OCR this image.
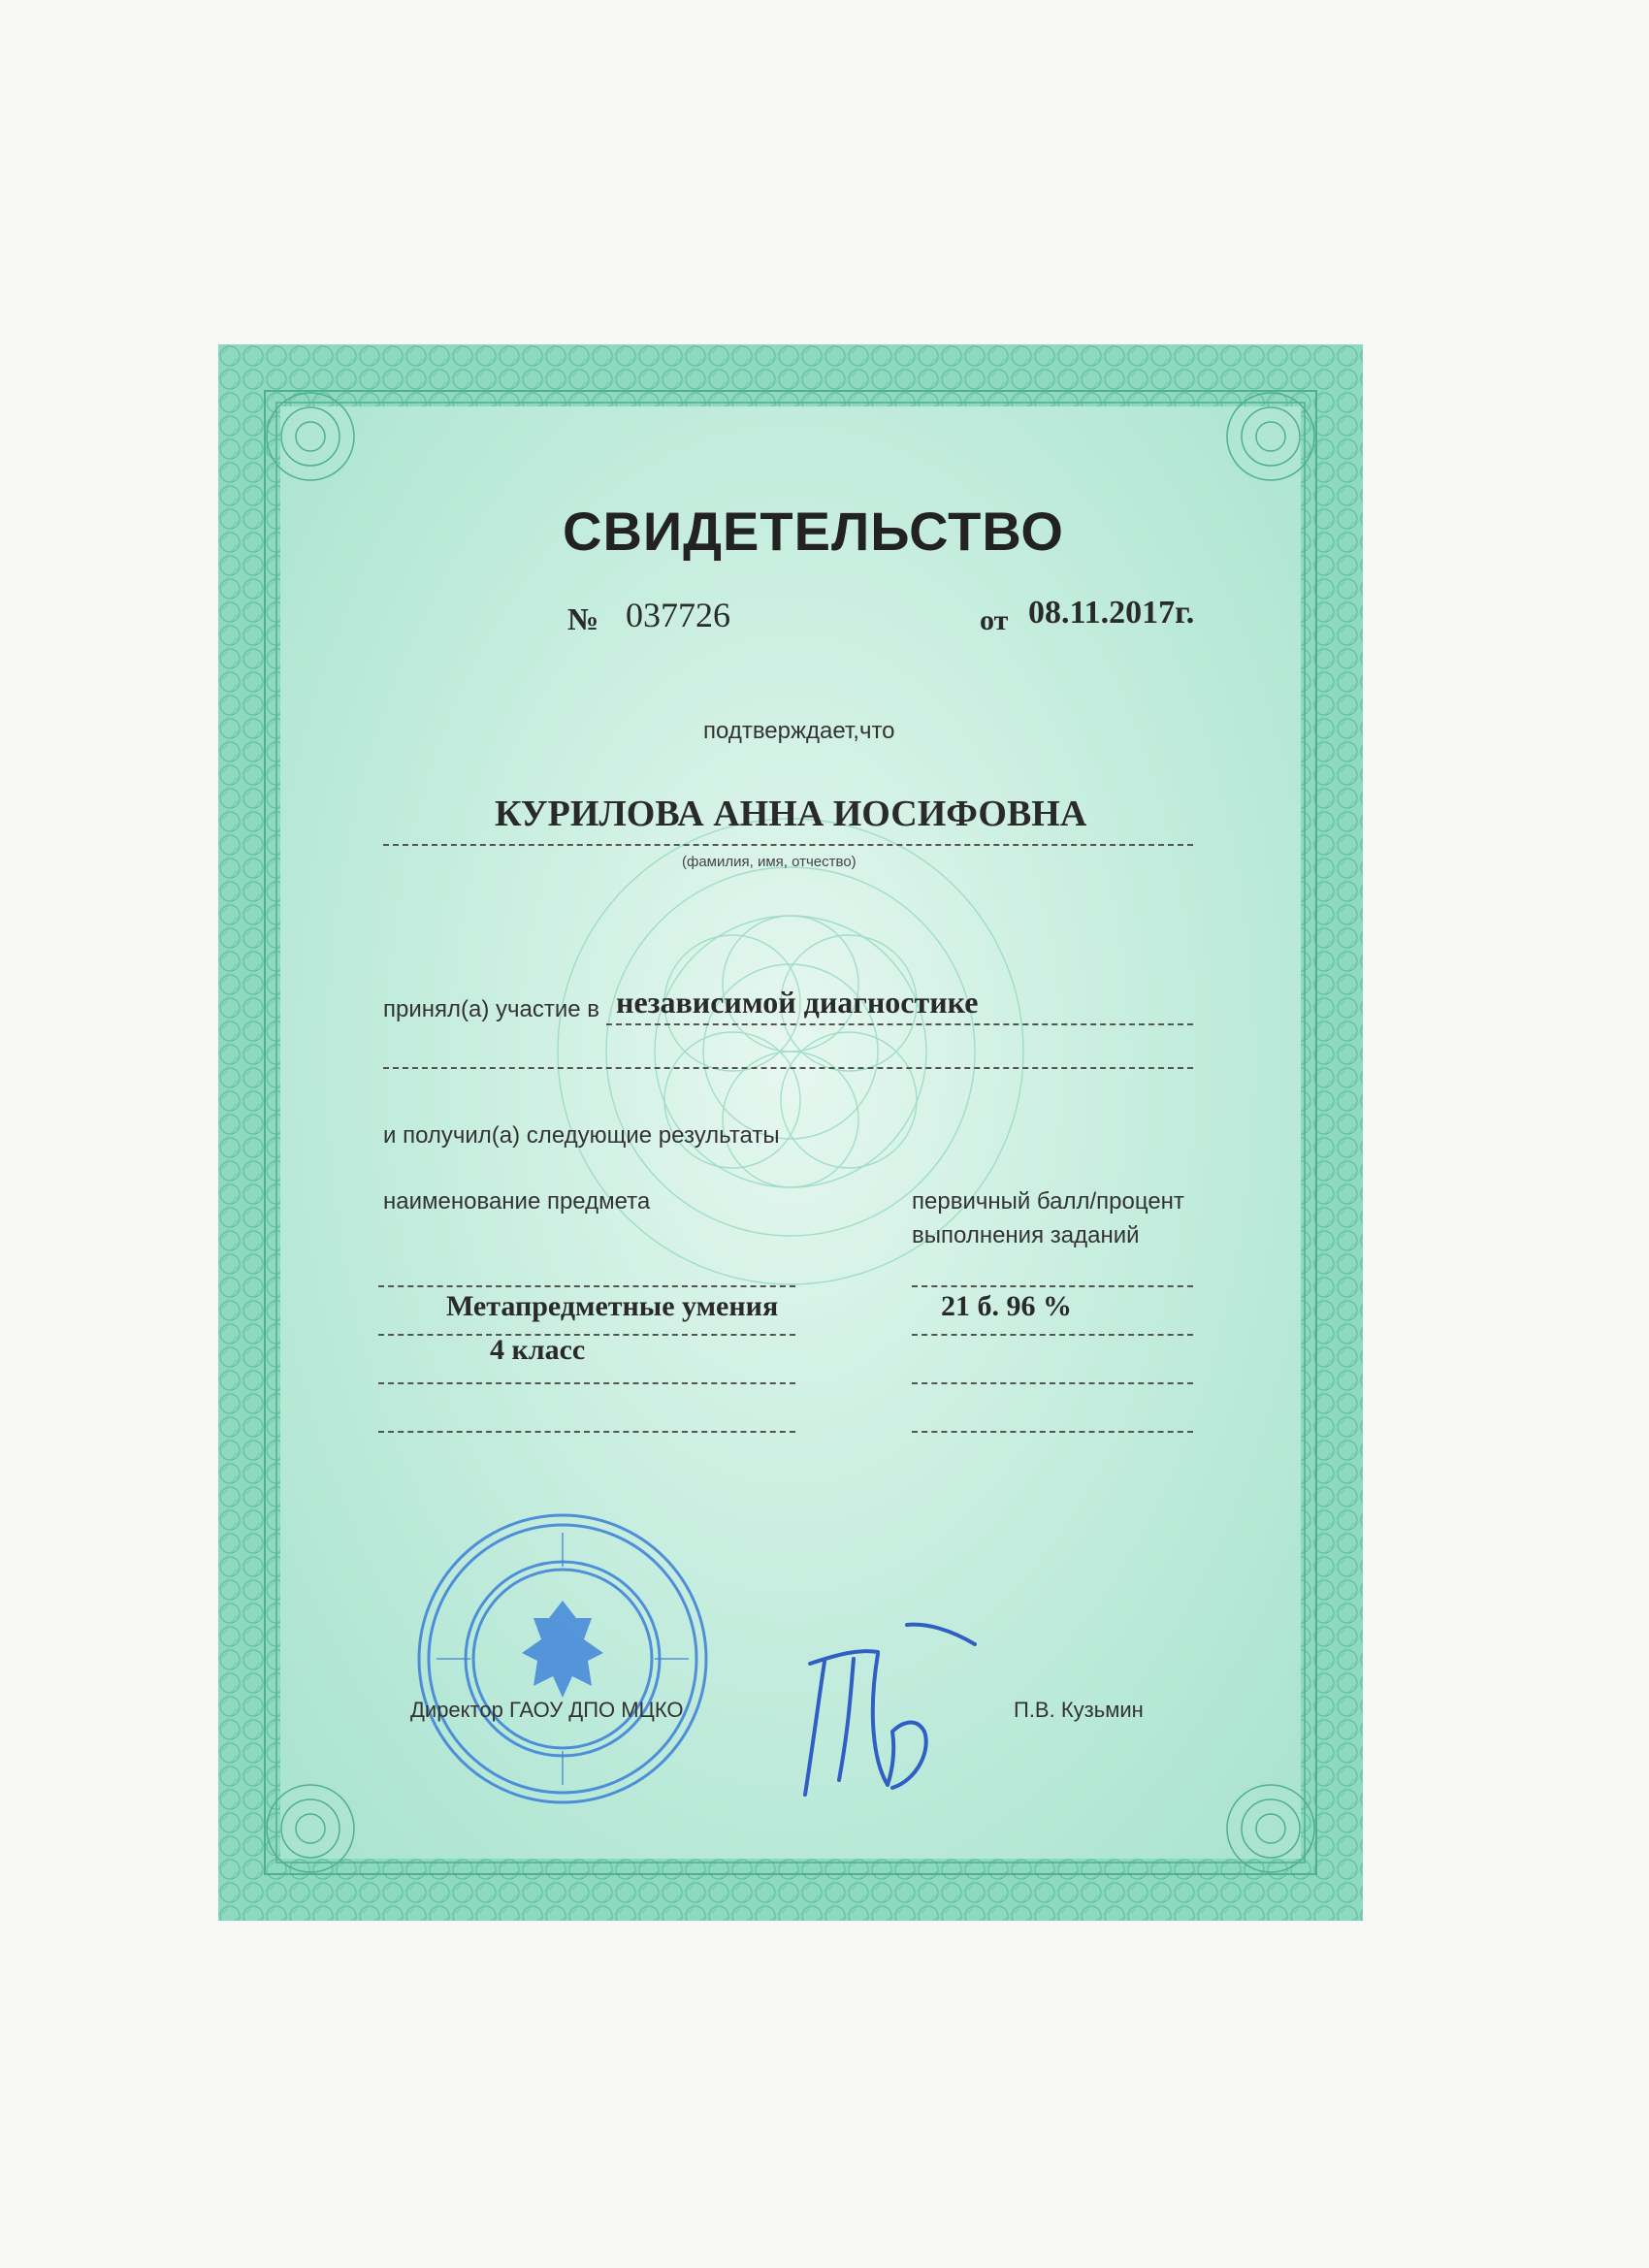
СВИДЕТЕЛЬСТВО
№ 037726	от 08.11.2017г.
подтверждает,что
КУРИЛОВА АННА ИОСИФОВНА
(фамилия, имя, отчество)
принял(а) участие в независимой диагностике
и получил(а) следующие результаты
наименование предмета	первичный балл/процент
выполнения заданий
Метапредметные умения	21 б. 96 %
4 класс
Директор ГАОУ ДПО МЦКО	П.В. Кузьмин
